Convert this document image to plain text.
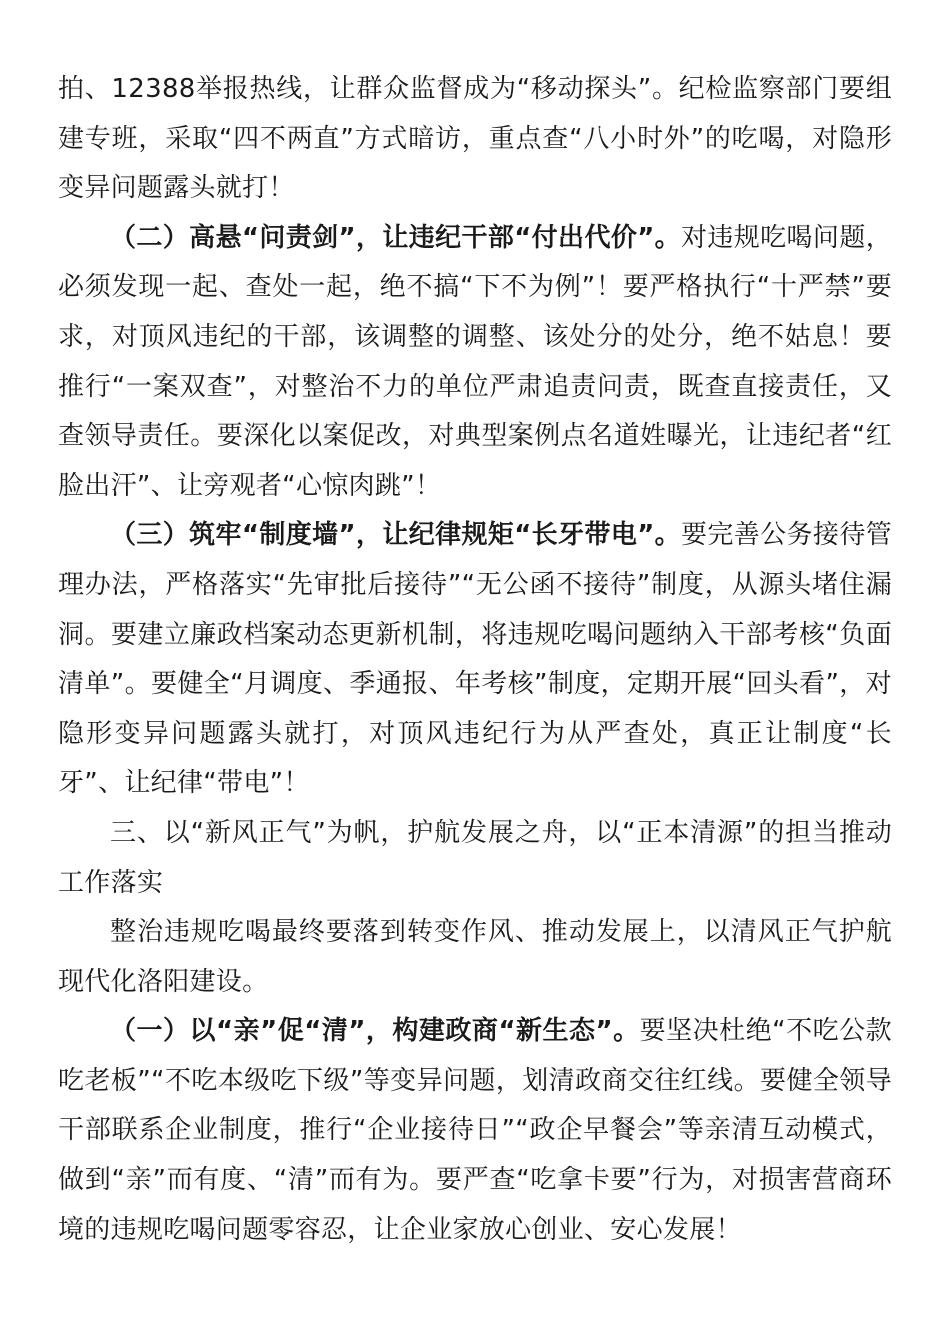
拍、12388举报热线，让群众监督成为“移动探头”。纪检监察部门要组建专班，采取“四不两直”方式暗访，重点查“八小时外”的吃喝，对隐形变异问题露头就打！

（二）高悬“问责剑”，让违纪干部“付出代价”。对违规吃喝问题，必须发现一起、查处一起，绝不搞“下不为例”！要严格执行“十严禁”要求，对顶风违纪的干部，该调整的调整、该处分的处分，绝不姑息！要推行“一案双查”，对整治不力的单位严肃追责问责，既查直接责任，又查领导责任。要深化以案促改，对典型案例点名道姓曝光，让违纪者“红脸出汗”、让旁观者“心惊肉跳”！

（三）筑牢“制度墙”，让纪律规矩“长牙带电”。要完善公务接待管理办法，严格落实“先审批后接待”“无公函不接待”制度，从源头堵住漏洞。要建立廉政档案动态更新机制，将违规吃喝问题纳入干部考核“负面清单”。要健全“月调度、季通报、年考核”制度，定期开展“回头看”，对隐形变异问题露头就打，对顶风违纪行为从严查处，真正让制度“长牙”、让纪律“带电”！

三、以“新风正气”为帆，护航发展之舟，以“正本清源”的担当推动工作落实

整治违规吃喝最终要落到转变作风、推动发展上，以清风正气护航现代化洛阳建设。

（一）以“亲”促“清”，构建政商“新生态”。要坚决杜绝“不吃公款吃老板”“不吃本级吃下级”等变异问题，划清政商交往红线。要健全领导干部联系企业制度，推行“企业接待日”“政企早餐会”等亲清互动模式，做到“亲”而有度、“清”而有为。要严查“吃拿卡要”行为，对损害营商环境的违规吃喝问题零容忍，让企业家放心创业、安心发展！
